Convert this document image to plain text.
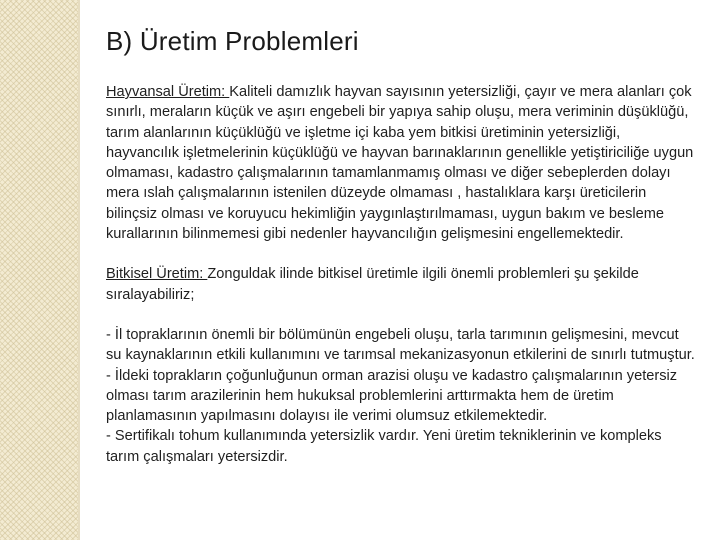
B) Üretim Problemleri

Hayvansal Üretim: Kaliteli damızlık hayvan sayısının yetersizliği, çayır ve mera alanları çok sınırlı, meraların küçük ve aşırı engebeli bir yapıya sahip oluşu, mera veriminin düşüklüğü, tarım alanlarının küçüklüğü ve işletme içi kaba yem bitkisi üretiminin yetersizliği, hayvancılık işletmelerinin küçüklüğü ve hayvan barınaklarının genellikle yetiştiriciliğe uygun olmaması, kadastro çalışmalarının tamamlanmamış olması ve diğer sebeplerden dolayı mera ıslah çalışmalarının istenilen düzeyde olmaması , hastalıklara karşı üreticilerin bilinçsiz olması ve koruyucu hekimliğin yaygınlaştırılmaması, uygun bakım ve besleme kurallarının bilinmemesi gibi nedenler hayvancılığın gelişmesini engellemektedir.

Bitkisel Üretim: Zonguldak ilinde bitkisel üretimle ilgili önemli problemleri şu şekilde sıralayabiliriz;

- İl topraklarının önemli bir bölümünün engebeli oluşu, tarla tarımının gelişmesini, mevcut su kaynaklarının etkili kullanımını ve tarımsal mekanizasyonun etkilerini de sınırlı tutmuştur.

- İldeki toprakların çoğunluğunun orman arazisi oluşu ve kadastro çalışmalarının yetersiz olması tarım arazilerinin hem hukuksal problemlerini arttırmakta hem de üretim planlamasının yapılmasını dolayısı ile verimi olumsuz etkilemektedir.

- Sertifikalı tohum kullanımında yetersizlik vardır. Yeni üretim tekniklerinin ve kompleks tarım çalışmaları yetersizdir.
